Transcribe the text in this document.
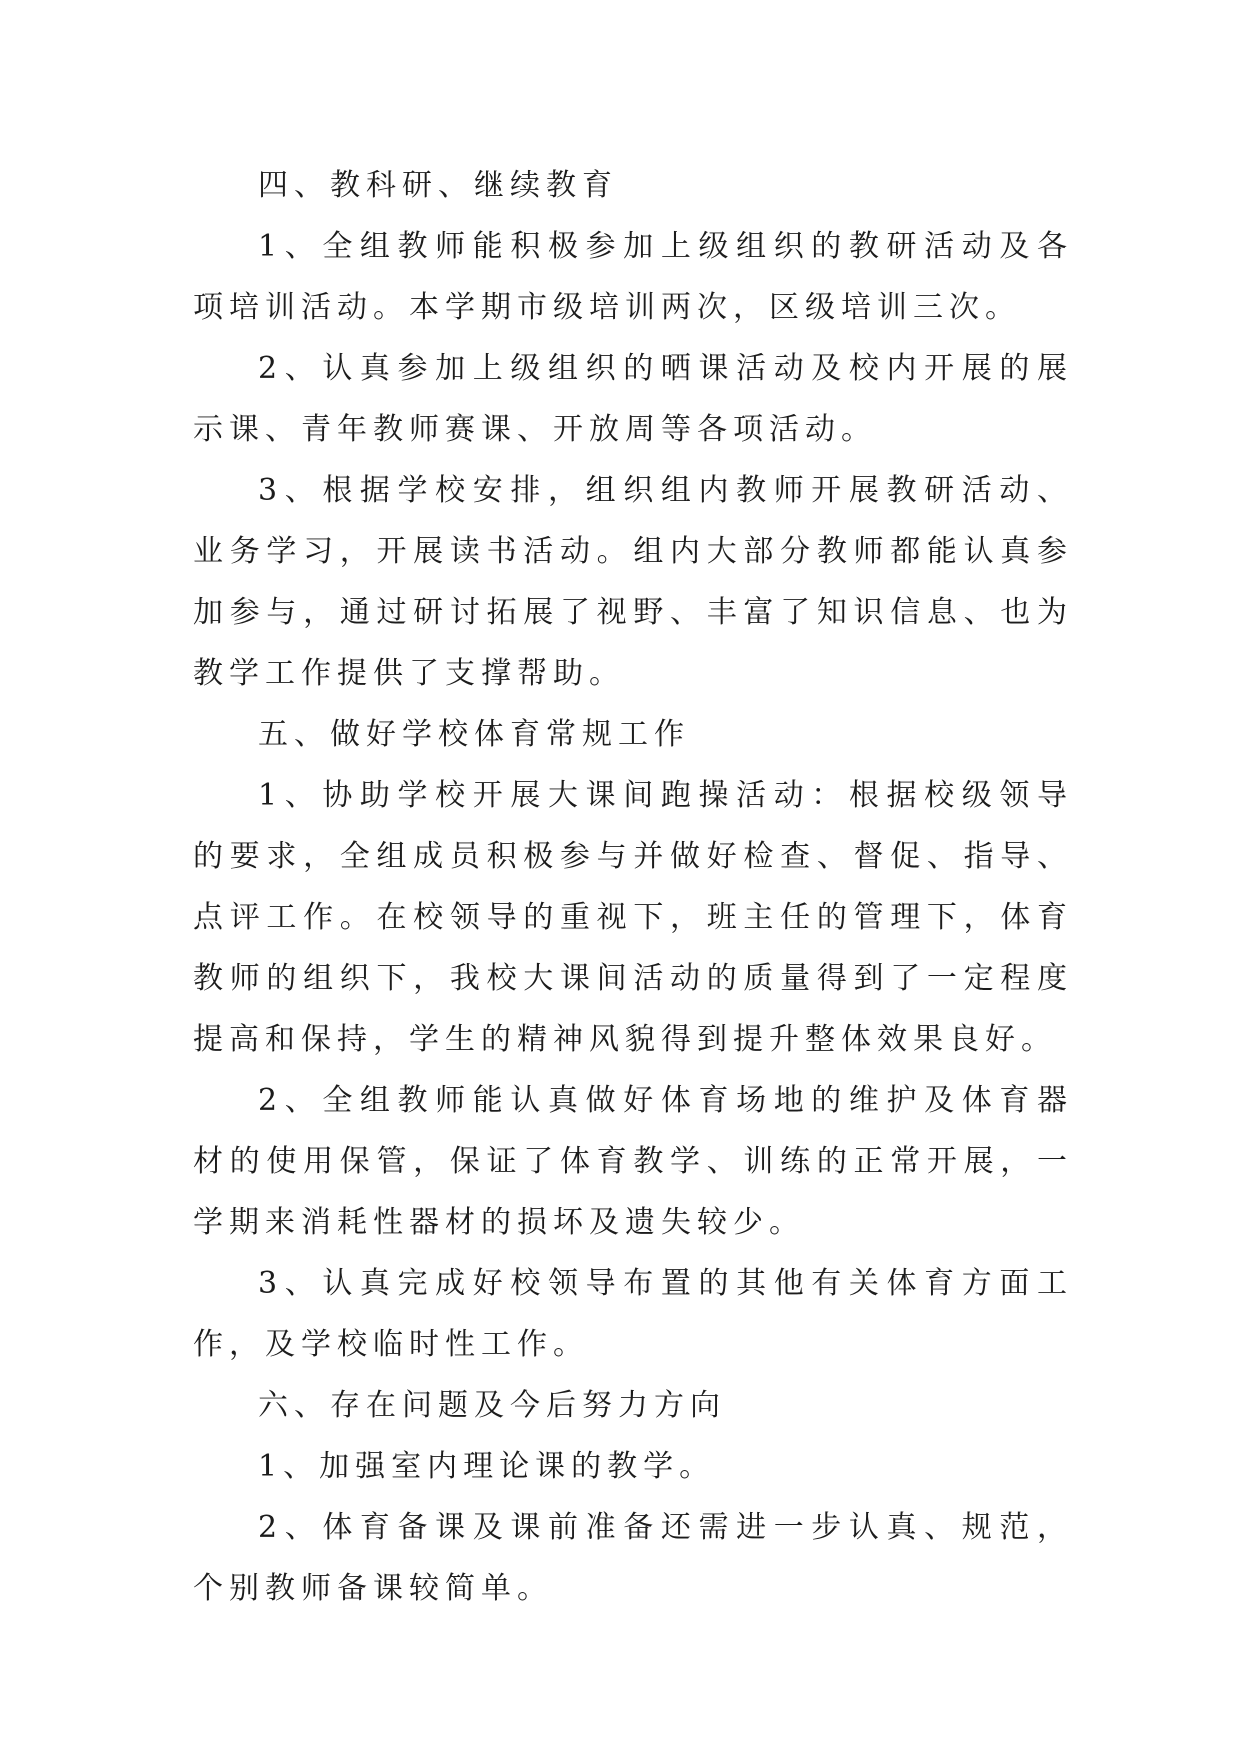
四、教科研、继续教育

1、全组教师能积极参加上级组织的教研活动及各项培训活动。本学期市级培训两次，区级培训三次。

2、认真参加上级组织的晒课活动及校内开展的展示课、青年教师赛课、开放周等各项活动。

3、根据学校安排，组织组内教师开展教研活动、业务学习，开展读书活动。组内大部分教师都能认真参加参与，通过研讨拓展了视野、丰富了知识信息、也为教学工作提供了支撑帮助。

五、做好学校体育常规工作

1、协助学校开展大课间跑操活动：根据校级领导的要求，全组成员积极参与并做好检查、督促、指导、点评工作。在校领导的重视下，班主任的管理下，体育教师的组织下，我校大课间活动的质量得到了一定程度提高和保持，学生的精神风貌得到提升整体效果良好。

2、全组教师能认真做好体育场地的维护及体育器材的使用保管，保证了体育教学、训练的正常开展，一学期来消耗性器材的损坏及遗失较少。

3、认真完成好校领导布置的其他有关体育方面工作，及学校临时性工作。

六、存在问题及今后努力方向

1、加强室内理论课的教学。

2、体育备课及课前准备还需进一步认真、规范，个别教师备课较简单。
